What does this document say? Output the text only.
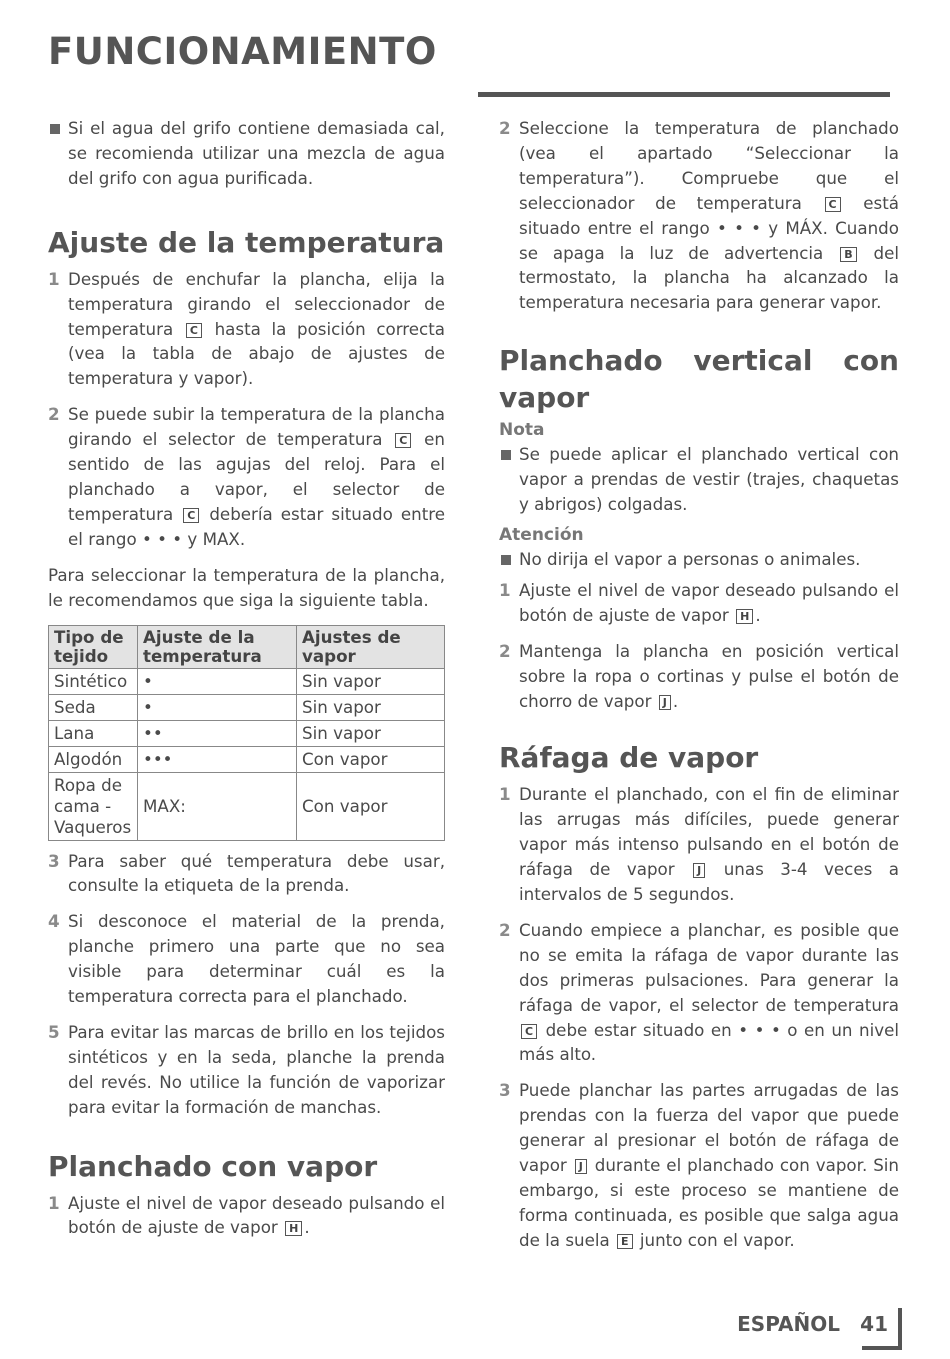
FUNCIONAMIENTO

Si el agua del grifo contiene demasiada cal, se recomienda utilizar una mezcla de agua del grifo con agua purificada.

Ajuste de la temperatura
1 Después de enchufar la plancha, elija la temperatura girando el seleccionador de temperatura C hasta la posición correcta (vea la tabla de abajo de ajustes de temperatura y vapor).
2 Se puede subir la temperatura de la plancha girando el selector de temperatura C en sentido de las agujas del reloj. Para el planchado a vapor, el selector de temperatura C debería estar situado entre el rango • • • y MAX.

Para seleccionar la temperatura de la plancha, le recomendamos que siga la siguiente tabla.

Tipo de tejido	Ajuste de la temperatura	Ajustes de vapor
Sintético	•	Sin vapor
Seda	•	Sin vapor
Lana	••	Sin vapor
Algodón	•••	Con vapor
Ropa de cama - Vaqueros	MAX:	Con vapor
3 Para saber qué temperatura debe usar, consulte la etiqueta de la prenda.
4 Si desconoce el material de la prenda, planche primero una parte que no sea visible para determinar cuál es la temperatura correcta para el planchado.
5 Para evitar las marcas de brillo en los tejidos sintéticos y en la seda, planche la prenda del revés. No utilice la función de vaporizar para evitar la formación de manchas.
Planchado con vapor
1 Ajuste el nivel de vapor deseado pulsando el botón de ajuste de vapor H .
2 Seleccione la temperatura de planchado (vea el apartado “Seleccionar la temperatura”). Compruebe que el seleccionador de temperatura C está situado entre el rango • • • y MÁX. Cuando se apaga la luz de advertencia B del termostato, la plancha ha alcanzado la temperatura necesaria para generar vapor.
Planchado vertical con
vapor
Nota

Se puede aplicar el planchado vertical con vapor a prendas de vestir (trajes, chaquetas y abrigos) colgadas.

Atención

No dirija el vapor a personas o animales.

1 Ajuste el nivel de vapor deseado pulsando el botón de ajuste de vapor H .
2 Mantenga la plancha en posición vertical sobre la ropa o cortinas y pulse el botón de chorro de vapor J .
Ráfaga de vapor
1 Durante el planchado, con el fin de eliminar las arrugas más difíciles, puede generar vapor más intenso pulsando en el botón de ráfaga de vapor J unas 3-4 veces a intervalos de 5 segundos.
2 Cuando empiece a planchar, es posible que no se emita la ráfaga de vapor durante las dos primeras pulsaciones. Para generar la ráfaga de vapor, el selector de temperatura C debe estar situado en • • • o en un nivel más alto.
3 Puede planchar las partes arrugadas de las prendas con la fuerza del vapor que puede generar al presionar el botón de ráfaga de vapor J durante el planchado con vapor. Sin embargo, si este proceso se mantiene de forma continuada, es posible que salga agua de la suela E junto con el vapor.
ESPAÑOL 41
